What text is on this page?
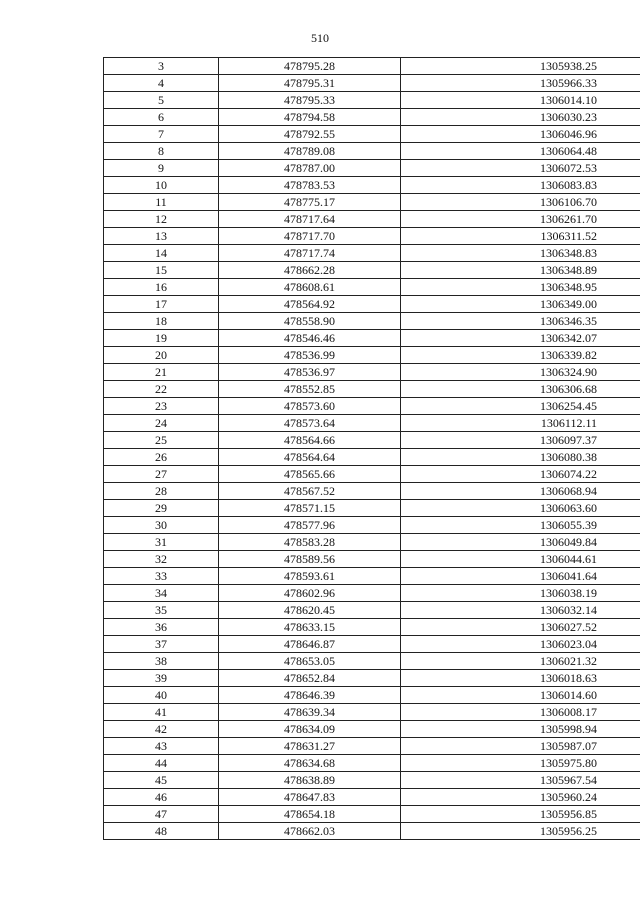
510
3	478795.28	1305938.25
4	478795.31	1305966.33
5	478795.33	1306014.10
6	478794.58	1306030.23
7	478792.55	1306046.96
8	478789.08	1306064.48
9	478787.00	1306072.53
10	478783.53	1306083.83
11	478775.17	1306106.70
12	478717.64	1306261.70
13	478717.70	1306311.52
14	478717.74	1306348.83
15	478662.28	1306348.89
16	478608.61	1306348.95
17	478564.92	1306349.00
18	478558.90	1306346.35
19	478546.46	1306342.07
20	478536.99	1306339.82
21	478536.97	1306324.90
22	478552.85	1306306.68
23	478573.60	1306254.45
24	478573.64	1306112.11
25	478564.66	1306097.37
26	478564.64	1306080.38
27	478565.66	1306074.22
28	478567.52	1306068.94
29	478571.15	1306063.60
30	478577.96	1306055.39
31	478583.28	1306049.84
32	478589.56	1306044.61
33	478593.61	1306041.64
34	478602.96	1306038.19
35	478620.45	1306032.14
36	478633.15	1306027.52
37	478646.87	1306023.04
38	478653.05	1306021.32
39	478652.84	1306018.63
40	478646.39	1306014.60
41	478639.34	1306008.17
42	478634.09	1305998.94
43	478631.27	1305987.07
44	478634.68	1305975.80
45	478638.89	1305967.54
46	478647.83	1305960.24
47	478654.18	1305956.85
48	478662.03	1305956.25
